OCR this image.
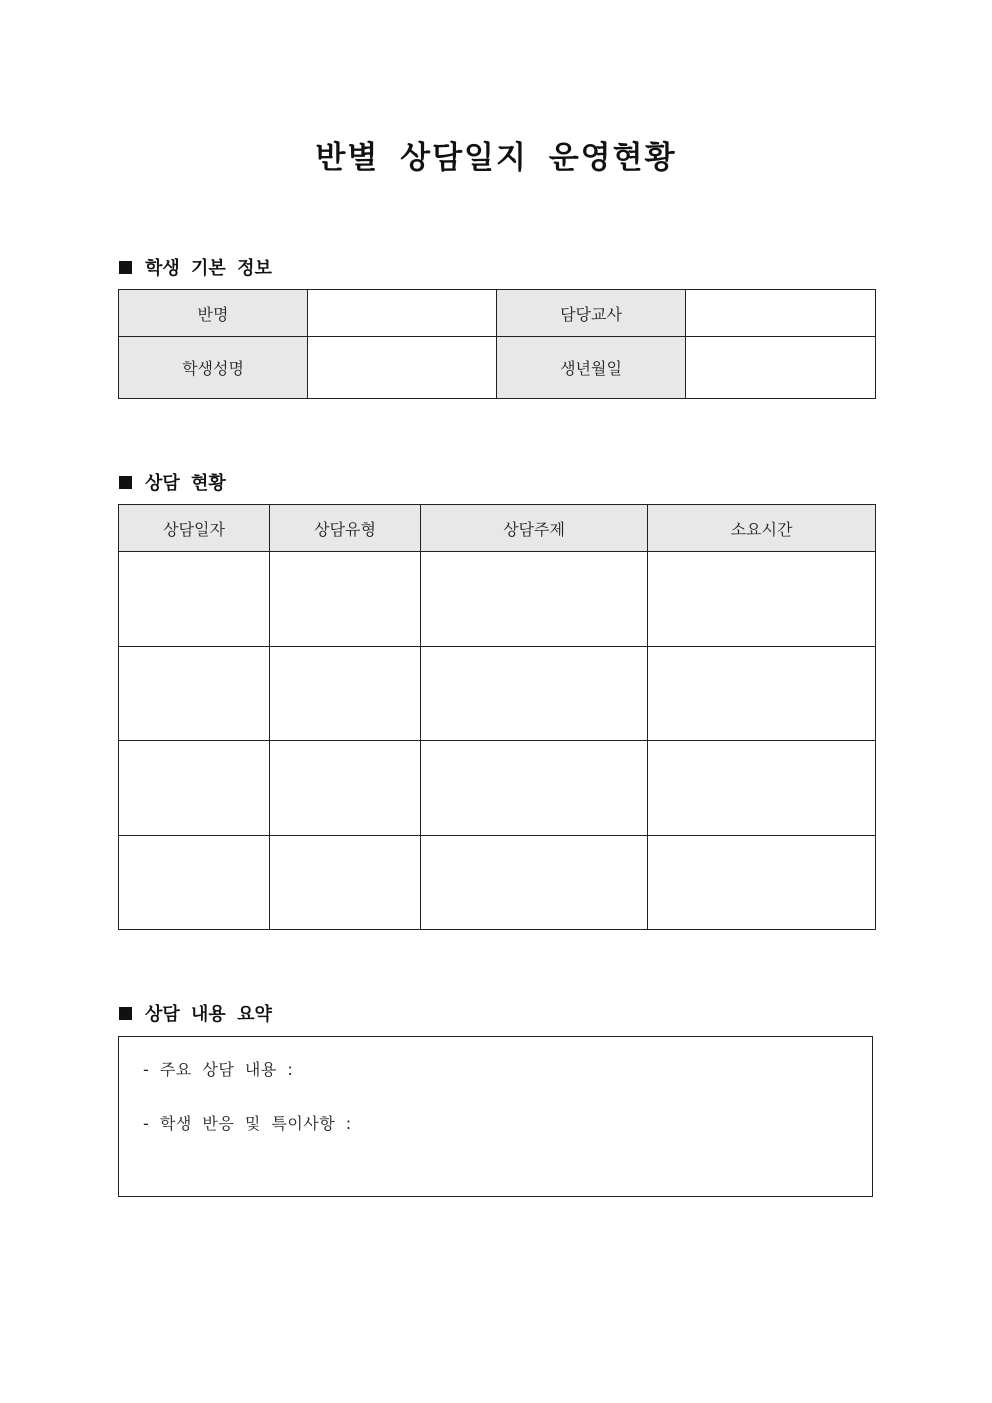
반별 상담일지 운영현황
학생 기본 정보
반명		담당교사	
학생성명		생년월일	
상담 현황
상담일자	상담유형	상담주제	소요시간

상담 내용 요약
- 주요 상담 내용 :
- 학생 반응 및 특이사항 :
